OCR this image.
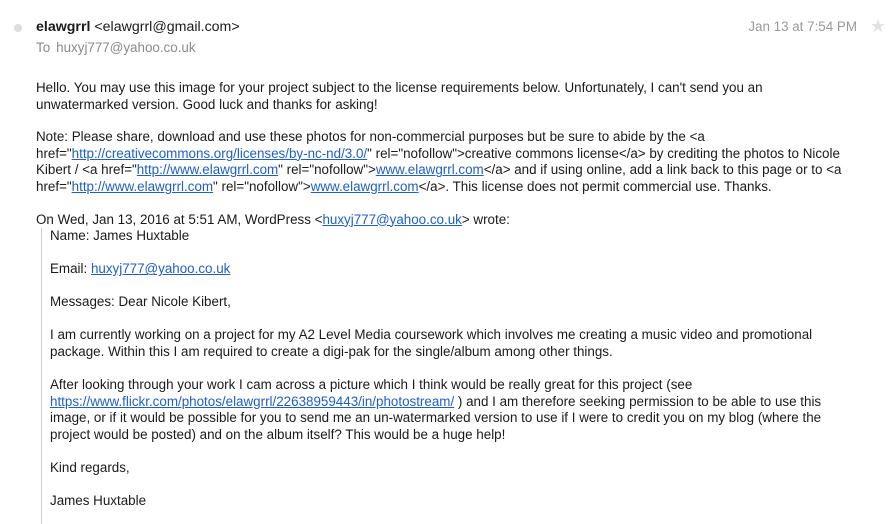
elawgrrl <elawgrrl@gmail.com>
To huxyj777@yahoo.co.uk
Jan 13 at 7:54 PM ★

Hello. You may use this image for your project subject to the license requirements below. Unfortunately, I can't send you an unwatermarked version. Good luck and thanks for asking!

Note: Please share, download and use these photos for non-commercial purposes but be sure to abide by the <a href="http://creativecommons.org/licenses/by-nc-nd/3.0/" rel="nofollow">creative commons license</a> by crediting the photos to Nicole Kibert / <a href="http://www.elawgrrl.com" rel="nofollow">www.elawgrrl.com</a> and if using online, add a link back to this page or to <a href="http://www.elawgrrl.com" rel="nofollow">www.elawgrrl.com</a>. This license does not permit commercial use. Thanks.

On Wed, Jan 13, 2016 at 5:51 AM, WordPress <huxyj777@yahoo.co.uk> wrote:

Name: James Huxtable

Email: huxyj777@yahoo.co.uk

Messages: Dear Nicole Kibert,

I am currently working on a project for my A2 Level Media coursework which involves me creating a music video and promotional package. Within this I am required to create a digi-pak for the single/album among other things.

After looking through your work I cam across a picture which I think would be really great for this project (see https://www.flickr.com/photos/elawgrrl/22638959443/in/photostream/ ) and I am therefore seeking permission to be able to use this image, or if it would be possible for you to send me an un-watermarked version to use if I were to credit you on my blog (where the project would be posted) and on the album itself? This would be a huge help!

Kind regards,

James Huxtable
